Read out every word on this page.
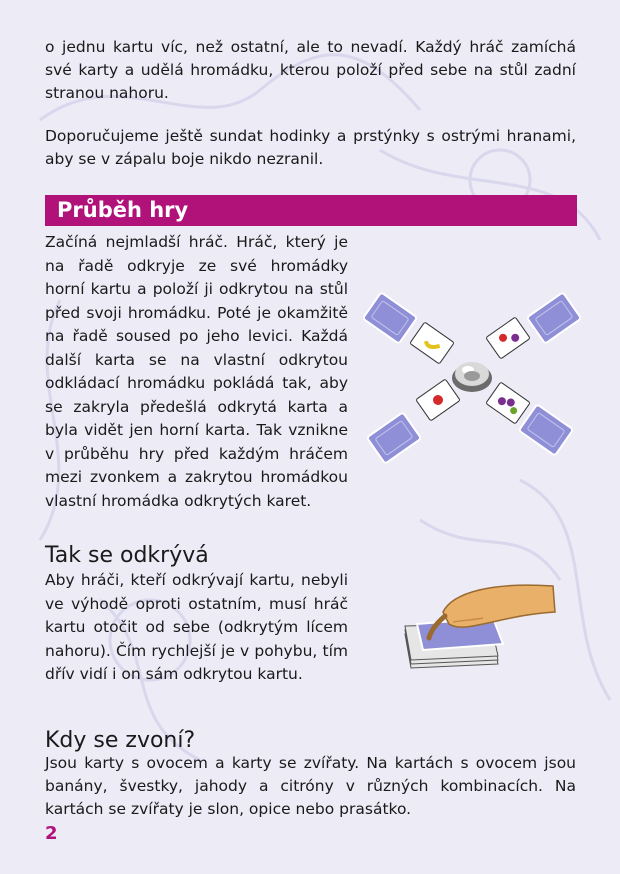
o jednu kartu víc, než ostatní, ale to nevadí. Každý hráč zamíchá své karty a udělá hromádku, kterou položí před sebe na stůl zadní stranou nahoru.
Doporučujeme ještě sundat hodinky a prstýnky s ostrými hranami, aby se v zápalu boje nikdo nezranil.
Průběh hry
Začíná nejmladší hráč. Hráč, který je na řadě odkryje ze své hromádky horní kartu a položí ji odkrytou na stůl před svoji hromádku. Poté je okamžitě na řadě soused po jeho levici. Každá další karta se na vlastní odkrytou odkládací hromádku pokládá tak, aby se zakryla předešlá odkrytá karta a byla vidět jen horní karta. Tak vznikne v průběhu hry před každým hráčem mezi zvonkem a zakrytou hromádkou vlastní hromádka odkrytých karet.
Tak se odkrývá
Aby hráči, kteří odkrývají kartu, nebyli ve výhodě oproti ostatním, musí hráč kartu otočit od sebe (odkrytým lícem nahoru). Čím rychlejší je v pohybu, tím dřív vidí i on sám odkrytou kartu.
Kdy se zvoní?
Jsou karty s ovocem a karty se zvířaty. Na kartách s ovocem jsou banány, švestky, jahody a citróny v různých kombinacích. Na kartách se zvířaty je slon, opice nebo prasátko.
2
